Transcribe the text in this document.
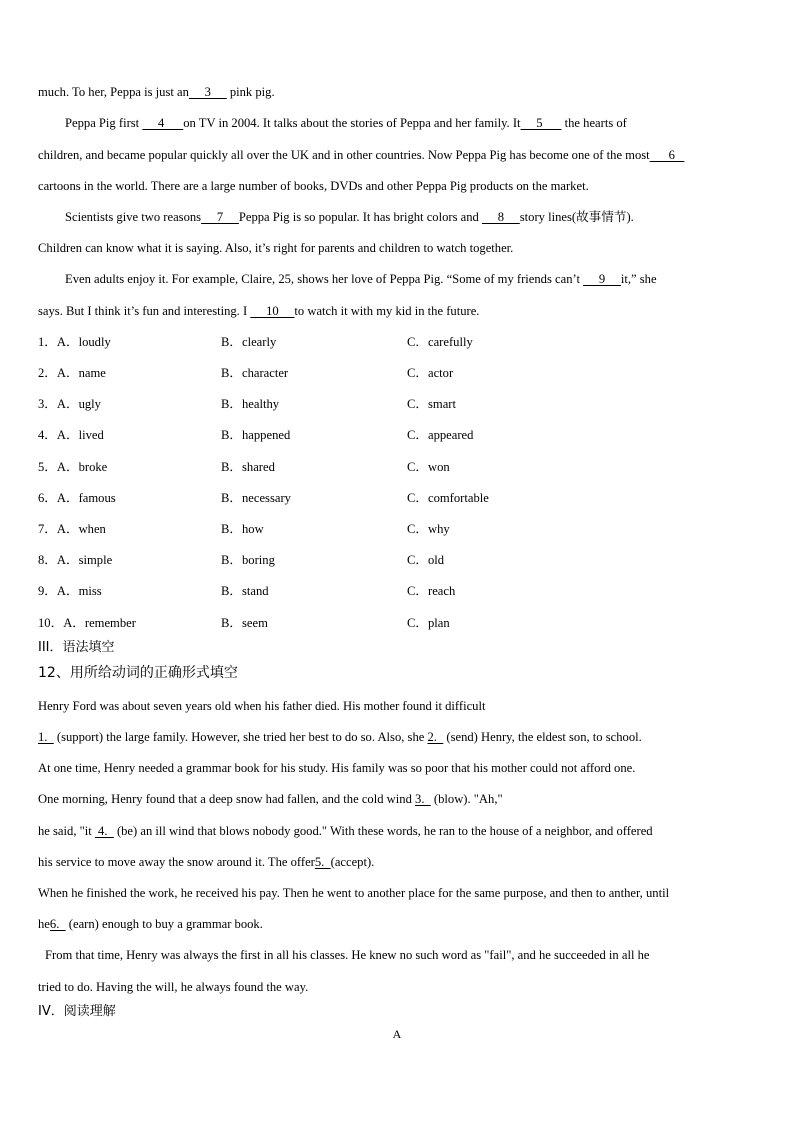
much. To her, Peppa is just an     3      pink pig.
Peppa Pig first      4      on TV in 2004. It talks about the stories of Peppa and her family. It     5       the hearts of
children, and became popular quickly all over the UK and in other countries. Now Peppa Pig has become one of the most      6
cartoons in the world. There are a large number of books, DVDs and other Peppa Pig products on the market.
Scientists give two reasons     7     Peppa Pig is so popular. It has bright colors and      8     story lines(故事情节).
Children can know what it is saying. Also, it’s right for parents and children to watch together.
Even adults enjoy it. For example, Claire, 25, shows her love of Peppa Pig. “Some of my friends can’t      9     it,” she
says. But I think it’s fun and interesting. I      10     to watch it with my kid in the future.
1．A．loudly	B．clearly	C．carefully
2．A．name	B．character	C．actor
3．A．ugly	B．healthy	C．smart
4．A．lived	B．happened	C．appeared
5．A．broke	B．shared	C．won
6．A．famous	B．necessary	C．comfortable
7．A．when	B．how	C．why
8．A．simple	B．boring	C．old
9．A．miss	B．stand	C．reach
10．A．remember	B．seem	C．plan
III．语法填空
12、用所给动词的正确形式填空
Henry Ford was about seven years old when his father died. His mother found it difficult
1.   (support) the large family. However, she tried her best to do so. Also, she 2.   (send) Henry, the eldest son, to school.
At one time, Henry needed a grammar book for his study. His family was so poor that his mother could not afford one.
One morning, Henry found that a deep snow had fallen, and the cold wind 3.   (blow). "Ah,"
he said, "it  4.   (be) an ill wind that blows nobody good." With these words, he ran to the house of a neighbor, and offered
his service to move away the snow around it. The offer5.  (accept).
When he finished the work, he received his pay. Then he went to another place for the same purpose, and then to anther, until
he6.   (earn) enough to buy a grammar book.
From that time, Henry was always the first in all his classes. He knew no such word as "fail", and he succeeded in all he
tried to do. Having the will, he always found the way.
IV．阅读理解
A
